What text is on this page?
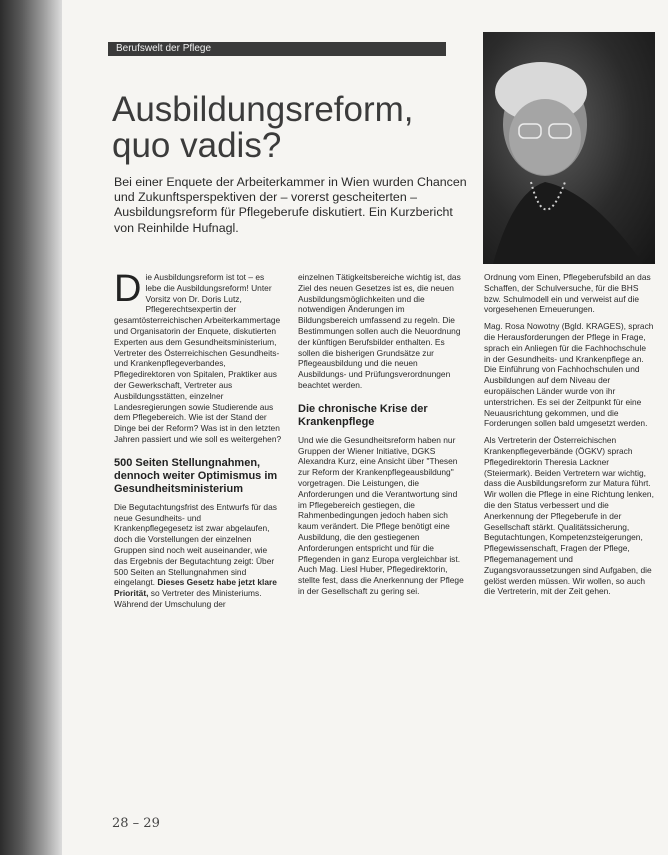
Berufswelt der Pflege
Ausbildungsreform, quo vadis?
Bei einer Enquete der Arbeiterkammer in Wien wurden Chancen und Zukunftsperspektiven der – vorerst gescheiterten – Ausbildungsreform für Pflegeberufe diskutiert. Ein Kurzbericht von Reinhilde Hufnagl.
D ie Ausbildungsreform ist tot – es lebe die Ausbildungsreform! Unter Vorsitz von Dr. Doris Lutz, Pflegerechtsexpertin der gesamtösterreichischen Arbeiterkammertage und Organisatorin der Enquete, diskutierten Experten aus dem Gesundheitsministerium, Vertreter des Österreichischen Gesundheits- und Krankenpflegeverbandes, Pflegedirektoren von Spitalen, Praktiker aus der Gewerkschaft, Vertreter aus Ausbildungsstätten, einzelner Landesregierungen sowie Studierende aus dem Pflegebereich. Wie ist der Stand der Dinge bei der Reform? Was ist in den letzten Jahren passiert und wie soll es weitergehen?

500 Seiten Stellungnahmen, dennoch weiter Optimismus im Gesundheitsministerium

Die Begutachtungsfrist des Entwurfs für das neue Gesundheits- und Krankenpflegegesetz ist zwar abgelaufen, doch die Vorstellungen der einzelnen Gruppen sind noch weit auseinander, wie das Ergebnis der Begutachtung zeigt: Über 500 Seiten an Stellungnahmen sind eingelangt. Dieses Gesetz habe jetzt klare Priorität, so Vertreter des Ministeriums. Während der Umschulung der

einzelnen Tätigkeitsbereiche wichtig ist, das Ziel des neuen Gesetzes ist es, die neuen Ausbildungsmöglichkeiten und die notwendigen Änderungen im Bildungsbereich umfassend zu regeln. Die Bestimmungen sollen auch die Neuordnung der künftigen Berufsbilder enthalten. Es sollen die bisherigen Grundsätze zur Pflegeausbildung und die neuen Ausbildungs- und Prüfungsverordnungen beachtet werden.

Die chronische Krise der Krankenpflege

Und wie die Gesundheitsreform haben nur Gruppen der Wiener Initiative, DGKS Alexandra Kurz, eine Ansicht über "Thesen zur Reform der Krankenpflegeausbildung" vorgetragen. Die Leistungen, die Anforderungen und die Verantwortung sind im Pflegebereich gestiegen, die Rahmenbedingungen jedoch haben sich kaum verändert. Die Pflege benötigt eine Ausbildung, die den gestiegenen Anforderungen entspricht und für die Pflegenden in ganz Europa vergleichbar ist. Auch Mag. Liesl Huber, Pflegedirektorin, stellte fest, dass die Anerkennung der Pflege in der Gesellschaft zu gering sei.

Ordnung vom Einen, Pflegeberufsbild an das Schaffen, der Schulversuche, für die BHS bzw. Schulmodell ein und verweist auf die vorgesehenen Erneuerungen.

Mag. Rosa Nowotny (Bgld. KRAGES), sprach die Herausforderungen der Pflege in Frage, sprach ein Anliegen für die Fachhochschule in der Gesundheits- und Krankenpflege an. Die Einführung von Fachhochschulen und Ausbildungen auf dem Niveau der europäischen Länder wurde von ihr unterstrichen. Es sei der Zeitpunkt für eine Neuausrichtung gekommen, und die Forderungen sollen bald umgesetzt werden.

Als Vertreterin der Österreichischen Krankenpflegeverbände (ÖGKV) sprach Pflegedirektorin Theresia Lackner (Steiermark). Beiden Vertretern war wichtig, dass die Ausbildungsreform zur Matura führt. Wir wollen die Pflege in eine Richtung lenken, die den Status verbessert und die Anerkennung der Pflegeberufe in der Gesellschaft stärkt. Qualitätssicherung, Begutachtungen, Kompetenzsteigerungen, Pflegewissenschaft, Fragen der Pflege, Pflegemanagement und Zugangsvoraussetzungen sind Aufgaben, die gelöst werden müssen. Wir wollen, so auch die Vertreterin, mit der Zeit gehen.

28 – 29
